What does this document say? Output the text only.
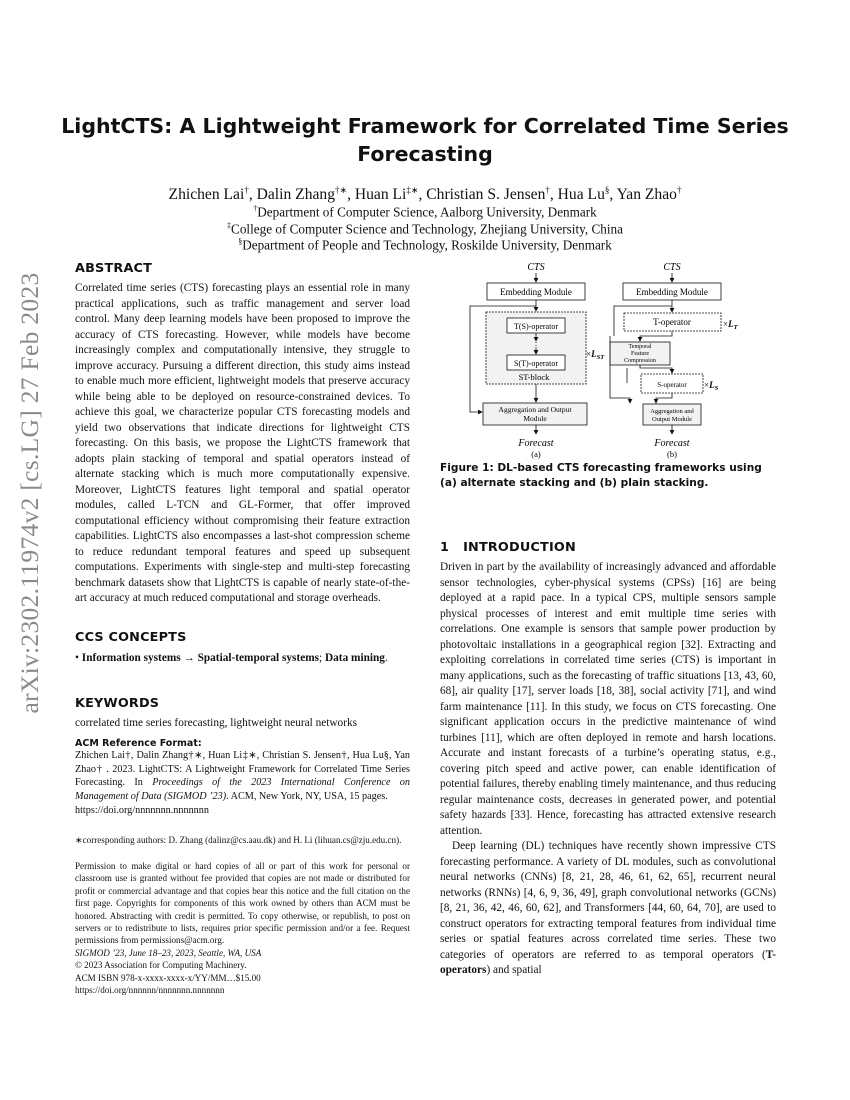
arXiv:2302.11974v2 [cs.LG] 27 Feb 2023
LightCTS: A Lightweight Framework for Correlated Time Series
Forecasting
Zhichen Lai†, Dalin Zhang†∗, Huan Li‡∗, Christian S. Jensen†, Hua Lu§, Yan Zhao†
†Department of Computer Science, Aalborg University, Denmark
‡College of Computer Science and Technology, Zhejiang University, China
§Department of People and Technology, Roskilde University, Denmark
ABSTRACT

Correlated time series (CTS) forecasting plays an essential role in many practical applications, such as traffic management and server load control. Many deep learning models have been proposed to improve the accuracy of CTS forecasting. However, while models have become increasingly complex and computationally intensive, they struggle to improve accuracy. Pursuing a different direction, this study aims instead to enable much more efficient, lightweight models that preserve accuracy while being able to be deployed on resource-constrained devices. To achieve this goal, we characterize popular CTS forecasting models and yield two observations that indicate directions for lightweight CTS forecasting. On this basis, we propose the LightCTS framework that adopts plain stacking of temporal and spatial operators instead of alternate stacking which is much more computationally expensive. Moreover, LightCTS features light temporal and spatial operator modules, called L-TCN and GL-Former, that offer improved computational efficiency without compromising their feature extraction capabilities. LightCTS also encompasses a last-shot compression scheme to reduce redundant temporal features and speed up subsequent computations. Experiments with single-step and multi-step forecasting benchmark datasets show that LightCTS is capable of nearly state-of-the-art accuracy at much reduced computational and storage overheads.

CCS CONCEPTS

• Information systems → Spatial-temporal systems; Data mining.

KEYWORDS

correlated time series forecasting, lightweight neural networks

ACM Reference Format:
Zhichen Lai†, Dalin Zhang†∗, Huan Li‡∗, Christian S. Jensen†, Hua Lu§, Yan Zhao† . 2023. LightCTS: A Lightweight Framework for Correlated Time Series Forecasting. In Proceedings of the 2023 International Conference on Management of Data (SIGMOD ’23). ACM, New York, NY, USA, 15 pages.
https://doi.org/nnnnnnn.nnnnnnn
∗corresponding authors: D. Zhang (dalinz@cs.aau.dk) and H. Li (lihuan.cs@zju.edu.cn).
Permission to make digital or hard copies of all or part of this work for personal or classroom use is granted without fee provided that copies are not made or distributed for profit or commercial advantage and that copies bear this notice and the full citation on the first page. Copyrights for components of this work owned by others than ACM must be honored. Abstracting with credit is permitted. To copy otherwise, or republish, to post on servers or to redistribute to lists, requires prior specific permission and/or a fee. Request permissions from permissions@acm.org.
SIGMOD ’23, June 18–23, 2023, Seattle, WA, USA
© 2023 Association for Computing Machinery.
ACM ISBN 978-x-xxxx-xxxx-x/YY/MM…$15.00
https://doi.org/nnnnnn/nnnnnnn.nnnnnnn
CTS
Embedding Module
T(S)-operator
⋮
S(T)-operator
ST-block
$\times L_{ST}$
Aggregation and Output
Module
Forecast
(a)
CTS
Embedding Module
T-operator	$\times L_T$
Temporal
Feature
Compression
S-operator $\times L_S$
Aggregation and
Output Module
Forecast
(b)
Figure 1: DL-based CTS forecasting frameworks using (a) alternate stacking and (b) plain stacking.
1 INTRODUCTION

Driven in part by the availability of increasingly advanced and affordable sensor technologies, cyber-physical systems (CPSs) [16] are being deployed at a rapid pace. In a typical CPS, multiple sensors sample physical processes of interest and emit multiple time series with correlations. One example is sensors that sample power production by photovoltaic installations in a geographical region [32]. Extracting and exploiting correlations in correlated time series (CTS) is important in many applications, such as the forecasting of traffic situations [13, 43, 60, 68], air quality [17], server loads [18, 38], social activity [71], and wind farm maintenance [11]. In this study, we focus on CTS forecasting. One significant application occurs in the predictive maintenance of wind turbines [11], which are often deployed in remote and harsh locations. Accurate and instant forecasts of a turbine’s operating status, e.g., covering pitch speed and active power, can enable identification of potential failures, thereby enabling timely maintenance, and thus reducing regular maintenance costs, decreases in generated power, and potential safety hazards [33]. Hence, forecasting has attracted extensive research attention.

Deep learning (DL) techniques have recently shown impressive CTS forecasting performance. A variety of DL modules, such as convolutional neural networks (CNNs) [8, 21, 28, 46, 61, 62, 65], recurrent neural networks (RNNs) [4, 6, 9, 36, 49], graph convolutional networks (GCNs) [8, 21, 36, 42, 46, 60, 62], and Transformers [44, 60, 64, 70], are used to construct operators for extracting temporal features from individual time series or spatial features across correlated time series. These two categories of operators are referred to as temporal operators (T-operators) and spatial
